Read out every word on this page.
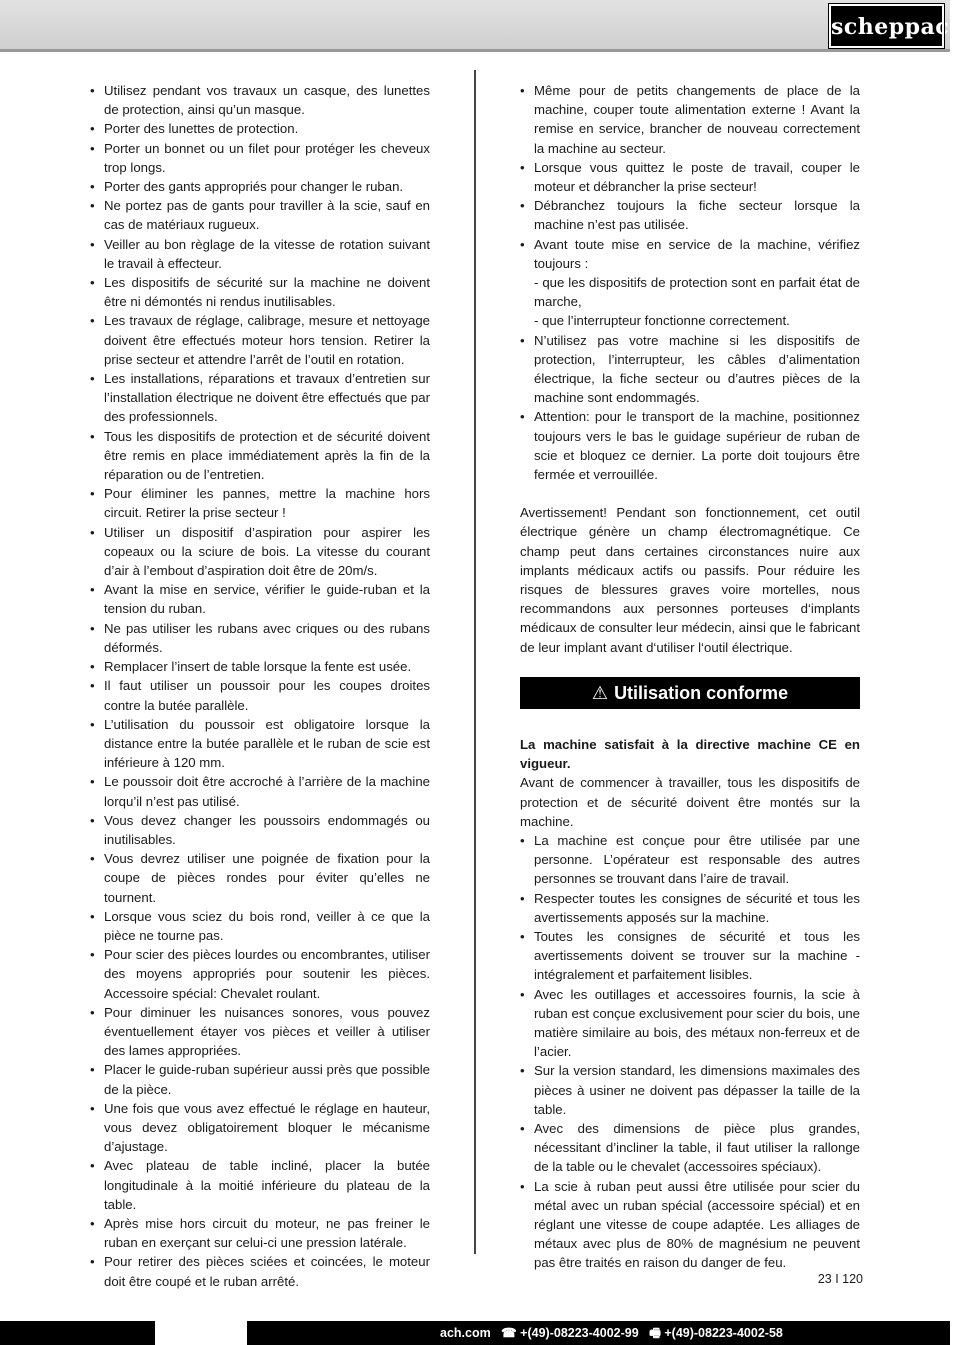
scheppach
• Utilisez pendant vos travaux un casque, des lunettes de protection, ainsi qu’un masque.
• Porter des lunettes de protection.
• Porter un bonnet ou un filet pour protéger les cheveux trop longs.
• Porter des gants appropriés pour changer le ruban.
• Ne portez pas de gants pour traviller à la scie, sauf en cas de matériaux rugueux.
• Veiller au bon règlage de la vitesse de rotation suivant le travail à effecteur.
• Les dispositifs de sécurité sur la machine ne doivent être ni démontés ni rendus inutilisables.
• Les travaux de réglage, calibrage, mesure et nettoyage doivent être effectués moteur hors tension. Retirer la prise secteur et attendre l’arrêt de l’outil en rotation.
• Les installations, réparations et travaux d’entretien sur l’installation électrique ne doivent être effectués que par des professionnels.
• Tous les dispositifs de protection et de sécurité doivent être remis en place immédiatement après la fin de la réparation ou de l’entretien.
• Pour éliminer les pannes, mettre la machine hors circuit. Retirer la prise secteur !
• Utiliser un dispositif d’aspiration pour aspirer les copeaux ou la sciure de bois. La vitesse du courant d’air à l’embout d’aspiration doit être de 20m/s.
• Avant la mise en service, vérifier le guide-ruban et la tension du ruban.
• Ne pas utiliser les rubans avec criques ou des rubans déformés.
• Remplacer l’insert de table lorsque la fente est usée.
• Il faut utiliser un poussoir pour les coupes droites contre la butée parallèle.
• L’utilisation du poussoir est obligatoire lorsque la distance entre la butée parallèle et le ruban de scie est inférieure à 120 mm.
• Le poussoir doit être accroché à l’arrière de la machine lorqu’il n’est pas utilisé.
• Vous devez changer les poussoirs endommagés ou inutilisables.
• Vous devrez utiliser une poignée de fixation pour la coupe de pièces rondes pour éviter qu’elles ne tournent.
• Lorsque vous sciez du bois rond, veiller à ce que la pièce ne tourne pas.
• Pour scier des pièces lourdes ou encombrantes, utiliser des moyens appropriés pour soutenir les pièces. Accessoire spécial: Chevalet roulant.
• Pour diminuer les nuisances sonores, vous pouvez éventuellement étayer vos pièces et veiller à utiliser des lames appropriées.
• Placer le guide-ruban supérieur aussi près que possible de la pièce.
• Une fois que vous avez effectué le réglage en hauteur, vous devez obligatoirement bloquer le mécanisme d’ajustage.
• Avec plateau de table incliné, placer la butée longitudinale à la moitié inférieure du plateau de la table.
• Après mise hors circuit du moteur, ne pas freiner le ruban en exerçant sur celui-ci une pression latérale.
• Pour retirer des pièces sciées et coincées, le moteur doit être coupé et le ruban arrêté.
• Même pour de petits changements de place de la machine, couper toute alimentation externe ! Avant la remise en service, brancher de nouveau correctement la machine au secteur.
• Lorsque vous quittez le poste de travail, couper le moteur et débrancher la prise secteur!
• Débranchez toujours la fiche secteur lorsque la machine n’est pas utilisée.
• Avant toute mise en service de la machine, vérifiez toujours :
- que les dispositifs de protection sont en parfait état de marche,
- que l’interrupteur fonctionne correctement.
• N’utilisez pas votre machine si les dispositifs de protection, l’interrupteur, les câbles d’alimentation électrique, la fiche secteur ou d’autres pièces de la machine sont endommagés.
• Attention: pour le transport de la machine, positionnez toujours vers le bas le guidage supérieur de ruban de scie et bloquez ce dernier. La porte doit toujours être fermée et verrouillée.

Avertissement! Pendant son fonctionnement, cet outil électrique génère un champ électromagnétique. Ce champ peut dans certaines circonstances nuire aux implants médicaux actifs ou passifs. Pour réduire les risques de blessures graves voire mortelles, nous recommandons aux personnes porteuses d‘implants médicaux de consulter leur médecin, ainsi que le fabricant de leur implant avant d‘utiliser l‘outil électrique.

⚠ Utilisation conforme

La machine satisfait à la directive machine CE en vigueur.

Avant de commencer à travailler, tous les dispositifs de protection et de sécurité doivent être montés sur la machine.

• La machine est conçue pour être utilisée par une personne. L’opérateur est responsable des autres personnes se trouvant dans l’aire de travail.
• Respecter toutes les consignes de sécurité et tous les avertissements apposés sur la machine.
• Toutes les consignes de sécurité et tous les avertissements doivent se trouver sur la machine - intégralement et parfaitement lisibles.
• Avec les outillages et accessoires fournis, la scie à ruban est conçue exclusivement pour scier du bois, une matière similaire au bois, des métaux non-ferreux et de l’acier.
• Sur la version standard, les dimensions maximales des pièces à usiner ne doivent pas dépasser la taille de la table.
• Avec des dimensions de pièce plus grandes, nécessitant d’incliner la table, il faut utiliser la rallonge de la table ou le chevalet (accessoires spéciaux).
• La scie à ruban peut aussi être utilisée pour scier du métal avec un ruban spécial (accessoire spécial) et en réglant une vitesse de coupe adaptée. Les alliages de métaux avec plus de 80% de magnésium ne peuvent pas être traités en raison du danger de feu.
23 I 120
ach.com   ☎ +(49)-08223-4002-99   🖷 +(49)-08223-4002-58
